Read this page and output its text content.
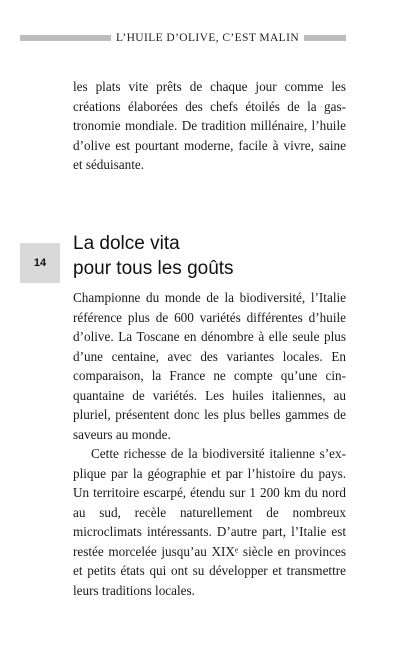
L’HUILE D’OLIVE, C’EST MALIN

les plats vite prêts de chaque jour comme les créations élaborées des chefs étoilés de la gastronomie mondiale. De tradition millénaire, l’huile d’olive est pourtant moderne, facile à vivre, saine et séduisante.

14
La dolce vita
pour tous les goûts

Championne du monde de la biodiversité, l’Italie référence plus de 600 variétés différentes d’huile d’olive. La Toscane en dénombre à elle seule plus d’une centaine, avec des variantes locales. En comparaison, la France ne compte qu’une cinquantaine de variétés. Les huiles italiennes, au pluriel, présentent donc les plus belles gammes de saveurs au monde.

Cette richesse de la biodiversité italienne s’explique par la géographie et par l’histoire du pays. Un territoire escarpé, étendu sur 1 200 km du nord au sud, recèle naturellement de nombreux microclimats intéressants. D’autre part, l’Italie est restée morcelée jusqu’au XIXᵉ siècle en provinces et petits états qui ont su développer et transmettre leurs traditions locales.
